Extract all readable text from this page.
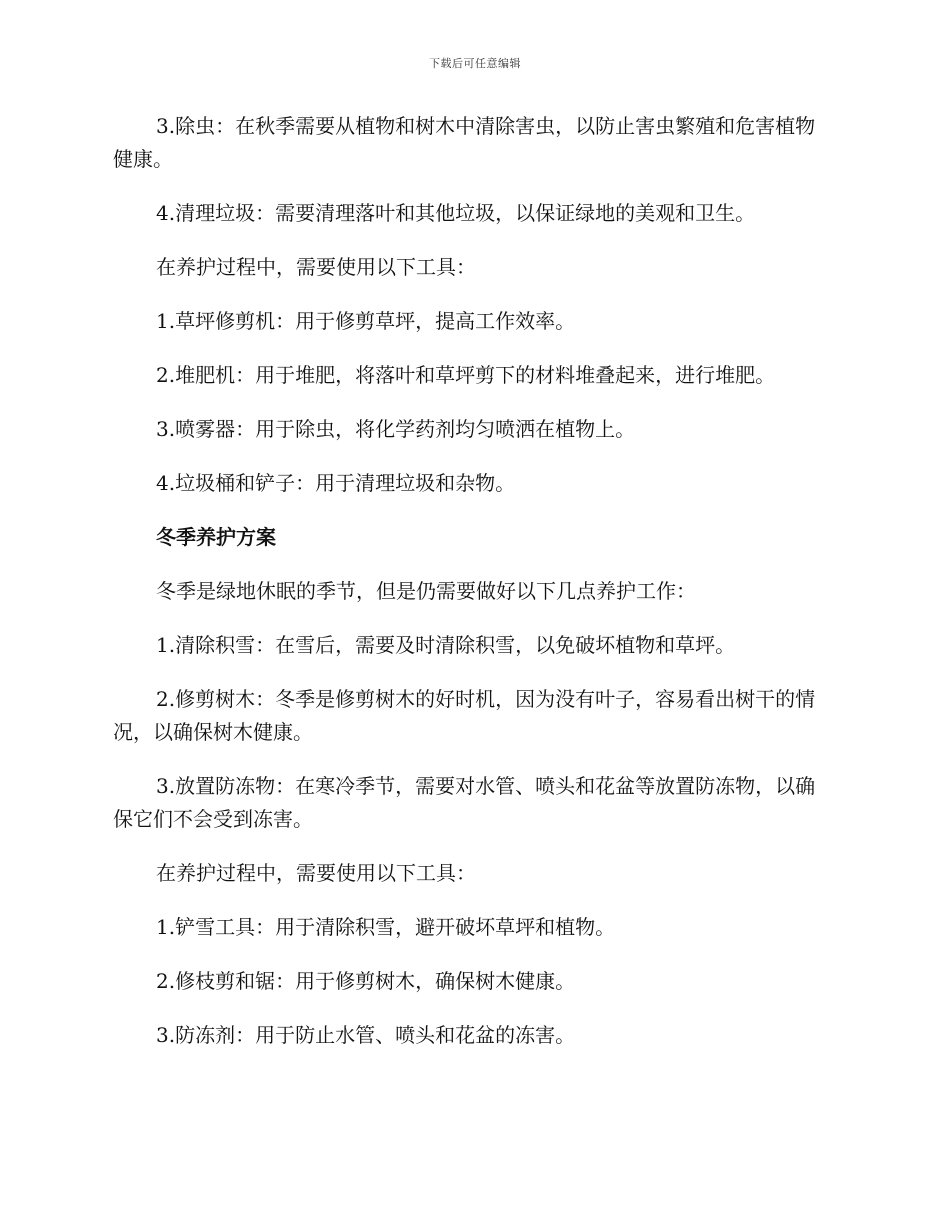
下载后可任意编辑

3.除虫：在秋季需要从植物和树木中清除害虫，以防止害虫繁殖和危害植物健康。

4.清理垃圾：需要清理落叶和其他垃圾，以保证绿地的美观和卫生。

在养护过程中，需要使用以下工具：

1.草坪修剪机：用于修剪草坪，提高工作效率。

2.堆肥机：用于堆肥，将落叶和草坪剪下的材料堆叠起来，进行堆肥。

3.喷雾器：用于除虫，将化学药剂均匀喷洒在植物上。

4.垃圾桶和铲子：用于清理垃圾和杂物。

冬季养护方案

冬季是绿地休眠的季节，但是仍需要做好以下几点养护工作：

1.清除积雪：在雪后，需要及时清除积雪，以免破坏植物和草坪。

2.修剪树木：冬季是修剪树木的好时机，因为没有叶子，容易看出树干的情况，以确保树木健康。

3.放置防冻物：在寒冷季节，需要对水管、喷头和花盆等放置防冻物，以确保它们不会受到冻害。

在养护过程中，需要使用以下工具：

1.铲雪工具：用于清除积雪，避开破坏草坪和植物。

2.修枝剪和锯：用于修剪树木，确保树木健康。

3.防冻剂：用于防止水管、喷头和花盆的冻害。
